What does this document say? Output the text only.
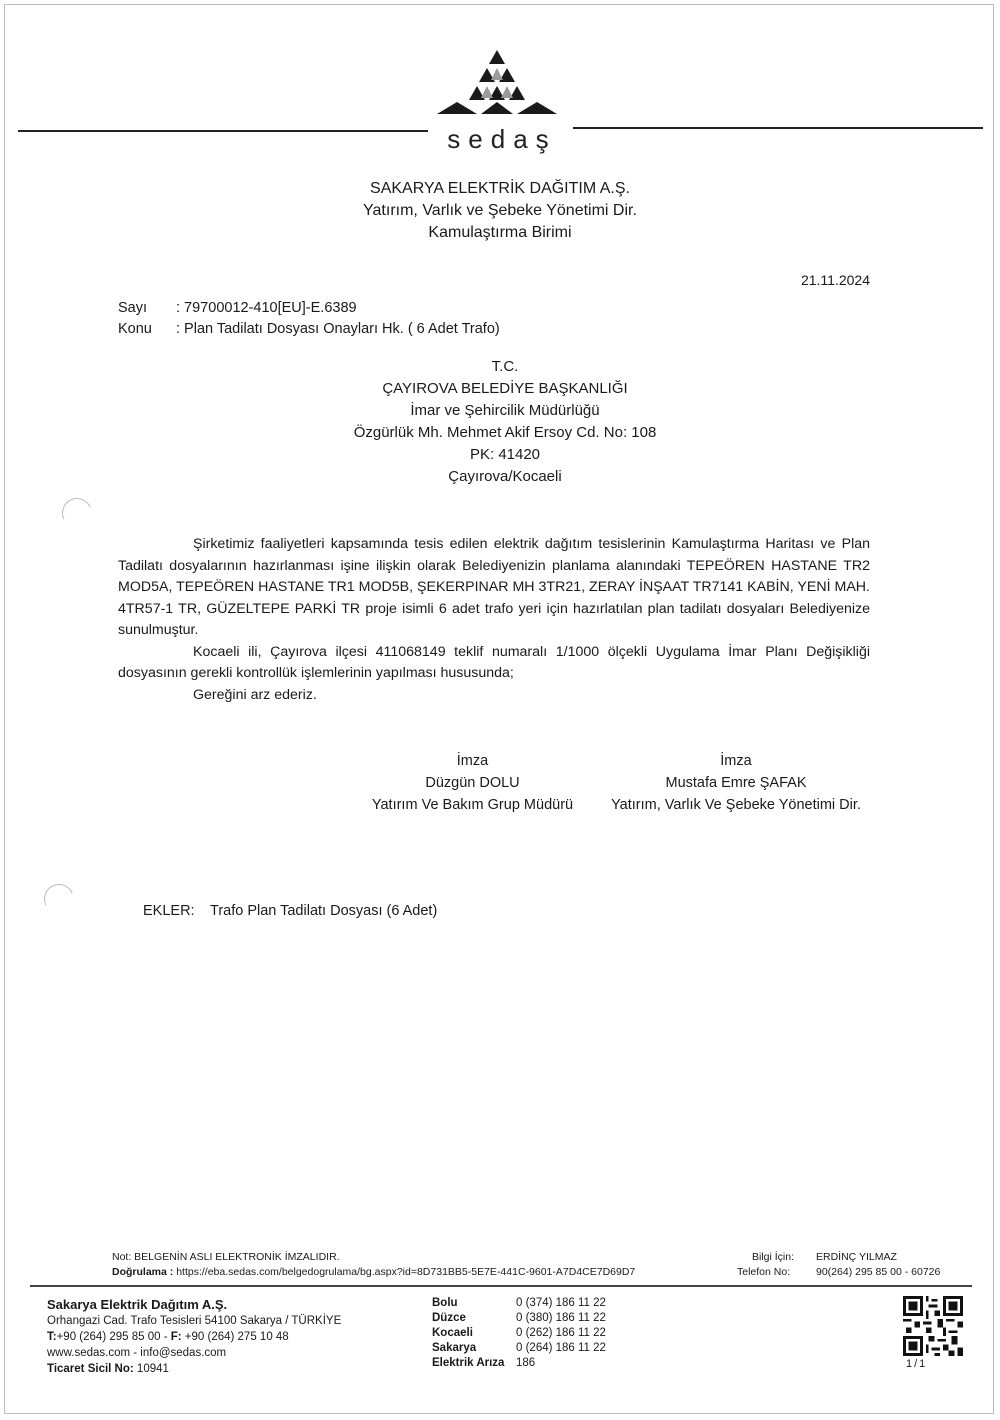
sedaş
SAKARYA ELEKTRİK DAĞITIM A.Ş.
Yatırım, Varlık ve Şebeke Yönetimi Dir.
Kamulaştırma Birimi
21.11.2024
Sayı : 79700012-410[EU]-E.6389
Konu : Plan Tadilatı Dosyası Onayları Hk. ( 6 Adet Trafo)
T.C.
ÇAYIROVA BELEDİYE BAŞKANLIĞI
İmar ve Şehircilik Müdürlüğü
Özgürlük Mh. Mehmet Akif Ersoy Cd. No: 108
PK: 41420
Çayırova/Kocaeli

Şirketimiz faaliyetleri kapsamında tesis edilen elektrik dağıtım tesislerinin Kamulaştırma Haritası ve Plan Tadilatı dosyalarının hazırlanması işine ilişkin olarak Belediyenizin planlama alanındaki TEPEÖREN HASTANE TR2 MOD5A, TEPEÖREN HASTANE TR1 MOD5B, ŞEKERPINAR MH 3TR21, ZERAY İNŞAAT TR7141 KABİN, YENİ MAH. 4TR57-1 TR, GÜZELTEPE PARKİ TR proje isimli 6 adet trafo yeri için hazırlatılan plan tadilatı dosyaları Belediyenize sunulmuştur.

Kocaeli ili, Çayırova ilçesi 411068149 teklif numaralı 1/1000 ölçekli Uygulama İmar Planı Değişikliği dosyasının gerekli kontrollük işlemlerinin yapılması hususunda;

Gereğini arz ederiz.

İmza
Düzgün DOLU
Yatırım Ve Bakım Grup Müdürü
İmza
Mustafa Emre ŞAFAK
Yatırım, Varlık Ve Şebeke Yönetimi Dir.
EKLER: Trafo Plan Tadilatı Dosyası (6 Adet)
Not: BELGENİN ASLI ELEKTRONİK İMZALIDIR.
Doğrulama : https://eba.sedas.com/belgedogrulama/bg.aspx?id=8D731BB5-5E7E-441C-9601-A7D4CE7D69D7
Bilgi İçin: ERDİNÇ YILMAZ
Telefon No: 90(264) 295 85 00 - 60726
Sakarya Elektrik Dağıtım A.Ş.
Orhangazi Cad. Trafo Tesisleri 54100 Sakarya / TÜRKİYE
T:+90 (264) 295 85 00 - F: +90 (264) 275 10 48
www.sedas.com - info@sedas.com
Ticaret Sicil No: 10941
Bolu	0 (374) 186 11 22
Düzce	0 (380) 186 11 22
Kocaeli	0 (262) 186 11 22
Sakarya	0 (264) 186 11 22
Elektrik Arıza 186	1/1
